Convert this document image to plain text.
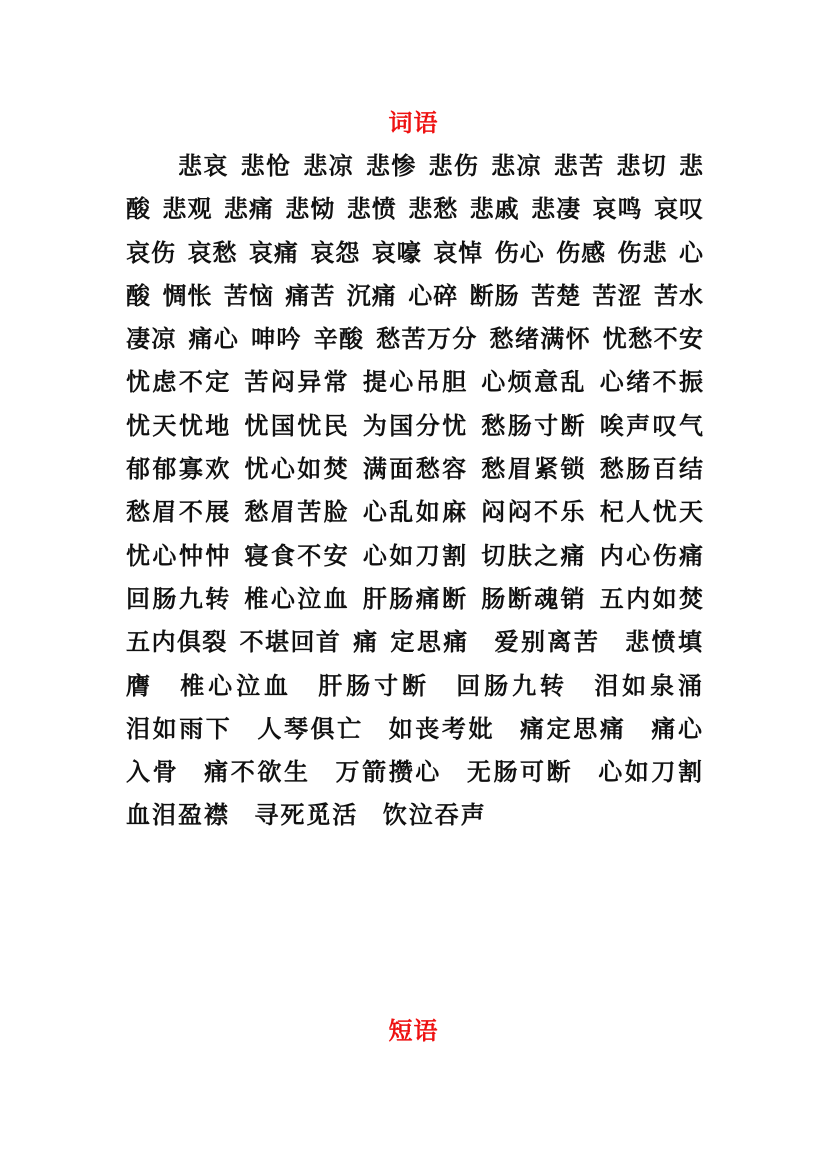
词语

悲哀 悲怆 悲凉 悲惨 悲伤 悲凉 悲苦 悲切 悲酸 悲观 悲痛 悲恸 悲愤 悲愁 悲戚 悲凄 哀鸣 哀叹 哀伤 哀愁 哀痛 哀怨 哀嚎 哀悼 伤心 伤感 伤悲 心酸 惆怅 苦恼 痛苦 沉痛 心碎 断肠 苦楚 苦涩 苦水 凄凉 痛心 呻吟 辛酸 愁苦万分 愁绪满怀 忧愁不安 忧虑不定 苦闷异常 提心吊胆 心烦意乱 心绪不振 忧天忧地 忧国忧民 为国分忧 愁肠寸断 唉声叹气 郁郁寡欢 忧心如焚 满面愁容 愁眉紧锁 愁肠百结 愁眉不展 愁眉苦脸 心乱如麻 闷闷不乐 杞人忧天 忧心忡忡 寝食不安 心如刀割 切肤之痛 内心伤痛 回肠九转 椎心泣血 肝肠痛断 肠断魂销 五内如焚 五内俱裂 不堪回首 痛 定思痛 爱别离苦 悲愤填膺 椎心泣血 肝肠寸断 回肠九转 泪如泉涌 泪如雨下 人琴俱亡 如丧考妣 痛定思痛 痛心入骨 痛不欲生 万箭攒心 无肠可断 心如刀割 血泪盈襟 寻死觅活 饮泣吞声

短语
